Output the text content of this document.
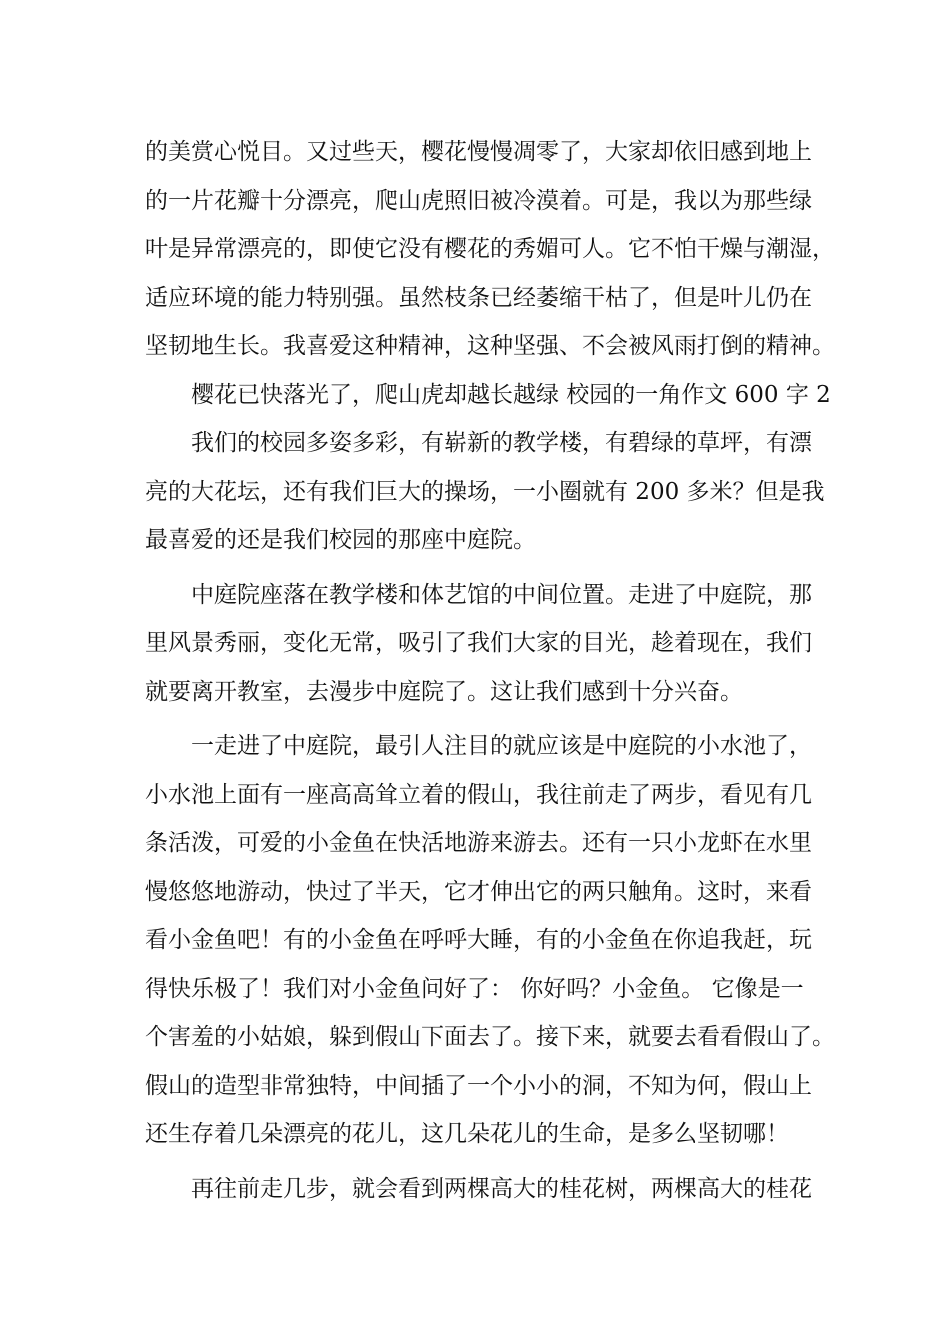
的美赏心悦目。又过些天，樱花慢慢凋零了，大家却依旧感到地上
的一片花瓣十分漂亮，爬山虎照旧被冷漠着。可是，我以为那些绿
叶是异常漂亮的，即使它没有樱花的秀媚可人。它不怕干燥与潮湿，
适应环境的能力特别强。虽然枝条已经萎缩干枯了，但是叶儿仍在
坚韧地生长。我喜爱这种精神，这种坚强、不会被风雨打倒的精神。
樱花已快落光了，爬山虎却越长越绿 校园的一角作文 600 字 2
我们的校园多姿多彩，有崭新的教学楼，有碧绿的草坪，有漂
亮的大花坛，还有我们巨大的操场，一小圈就有 200 多米？但是我
最喜爱的还是我们校园的那座中庭院。
中庭院座落在教学楼和体艺馆的中间位置。走进了中庭院，那
里风景秀丽，变化无常，吸引了我们大家的目光，趁着现在，我们
就要离开教室，去漫步中庭院了。这让我们感到十分兴奋。
一走进了中庭院，最引人注目的就应该是中庭院的小水池了，
小水池上面有一座高高耸立着的假山，我往前走了两步，看见有几
条活泼，可爱的小金鱼在快活地游来游去。还有一只小龙虾在水里
慢悠悠地游动，快过了半天，它才伸出它的两只触角。这时，来看
看小金鱼吧！有的小金鱼在呼呼大睡，有的小金鱼在你追我赶，玩
得快乐极了！我们对小金鱼问好了： 你好吗？小金鱼。 它像是一
个害羞的小姑娘，躲到假山下面去了。接下来，就要去看看假山了。
假山的造型非常独特，中间插了一个小小的洞，不知为何，假山上
还生存着几朵漂亮的花儿，这几朵花儿的生命，是多么坚韧哪！
再往前走几步，就会看到两棵高大的桂花树，两棵高大的桂花
